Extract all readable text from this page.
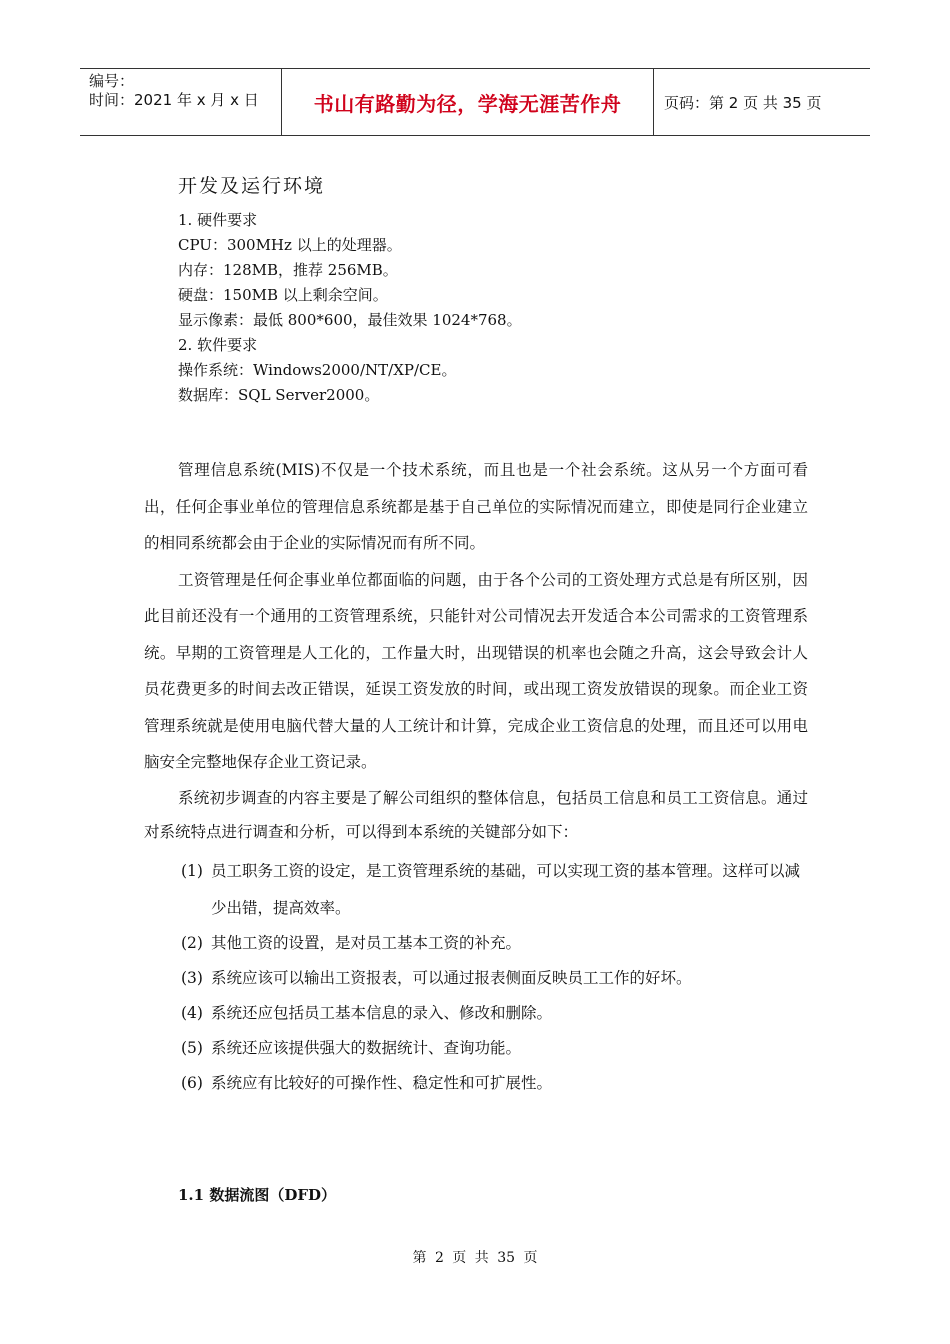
编号：
时间：2021 年 x 月 x 日	书山有路勤为径，学海无涯苦作舟	页码：第 2 页 共 35 页
开发及运行环境
1. 硬件要求
CPU：300MHz 以上的处理器。
内存：128MB，推荐 256MB。
硬盘：150MB 以上剩余空间。
显示像素：最低 800*600，最佳效果 1024*768。
2. 软件要求
操作系统：Windows2000/NT/XP/CE。
数据库：SQL Server2000。

管理信息系统(MIS)不仅是一个技术系统，而且也是一个社会系统。这从另一个方面可看出，任何企事业单位的管理信息系统都是基于自己单位的实际情况而建立，即使是同行企业建立的相同系统都会由于企业的实际情况而有所不同。

工资管理是任何企事业单位都面临的问题，由于各个公司的工资处理方式总是有所区别，因此目前还没有一个通用的工资管理系统，只能针对公司情况去开发适合本公司需求的工资管理系统。早期的工资管理是人工化的，工作量大时，出现错误的机率也会随之升高，这会导致会计人员花费更多的时间去改正错误，延误工资发放的时间，或出现工资发放错误的现象。而企业工资管理系统就是使用电脑代替大量的人工统计和计算，完成企业工资信息的处理，而且还可以用电脑安全完整地保存企业工资记录。

系统初步调查的内容主要是了解公司组织的整体信息，包括员工信息和员工工资信息。通过对系统特点进行调查和分析，可以得到本系统的关键部分如下：

(1) 员工职务工资的设定，是工资管理系统的基础，可以实现工资的基本管理。这样可以减少出错，提高效率。
(2) 其他工资的设置，是对员工基本工资的补充。
(3) 系统应该可以输出工资报表，可以通过报表侧面反映员工工作的好坏。
(4) 系统还应包括员工基本信息的录入、修改和删除。
(5) 系统还应该提供强大的数据统计、查询功能。
(6) 系统应有比较好的可操作性、稳定性和可扩展性。
1.1 数据流图（DFD）
第 2 页 共 35 页
